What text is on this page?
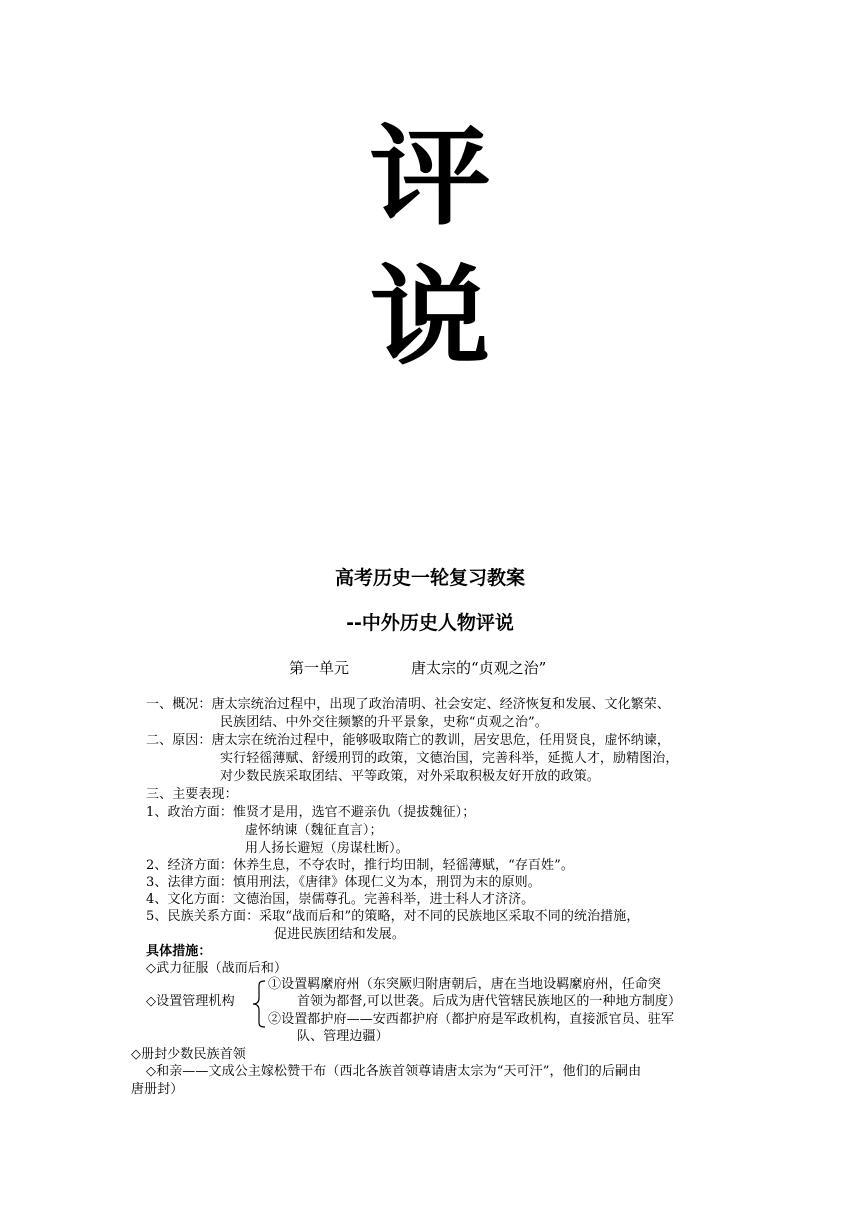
评
说
高考历史一轮复习教案
--中外历史人物评说
第一单元	唐太宗的“贞观之治”
一、概况：唐太宗统治过程中，出现了政治清明、社会安定、经济恢复和发展、文化繁荣、
民族团结、中外交往频繁的升平景象，史称“贞观之治”。
二、原因：唐太宗在统治过程中，能够吸取隋亡的教训，居安思危，任用贤良，虚怀纳谏，
实行轻徭薄赋、舒缓刑罚的政策，文德治国，完善科举，延揽人才，励精图治，
对少数民族采取团结、平等政策，对外采取积极友好开放的政策。
三、主要表现：
1、政治方面：惟贤才是用，选官不避亲仇（提拔魏征）；
虚怀纳谏（魏征直言）；
用人扬长避短（房谋杜断）。
2、经济方面：休养生息，不夺农时，推行均田制，轻徭薄赋，“存百姓”。
3、法律方面：慎用刑法，《唐律》体现仁义为本，刑罚为末的原则。
4、文化方面：文德治国，崇儒尊孔。完善科举，进士科人才济济。
5、民族关系方面：采取“战而后和”的策略，对不同的民族地区采取不同的统治措施，
促进民族团结和发展。
具体措施：
◇武力征服（战而后和）
◇设置管理机构
①设置羁縻府州（东突厥归附唐朝后，唐在当地设羁縻府州，任命突
首领为都督,可以世袭。后成为唐代管辖民族地区的一种地方制度）
②设置都护府——安西都护府（都护府是军政机构，直接派官员、驻军
队、管理边疆）
◇册封少数民族首领
◇和亲——文成公主嫁松赞干布（西北各族首领尊请唐太宗为“天可汗”，他们的后嗣由
唐册封）
